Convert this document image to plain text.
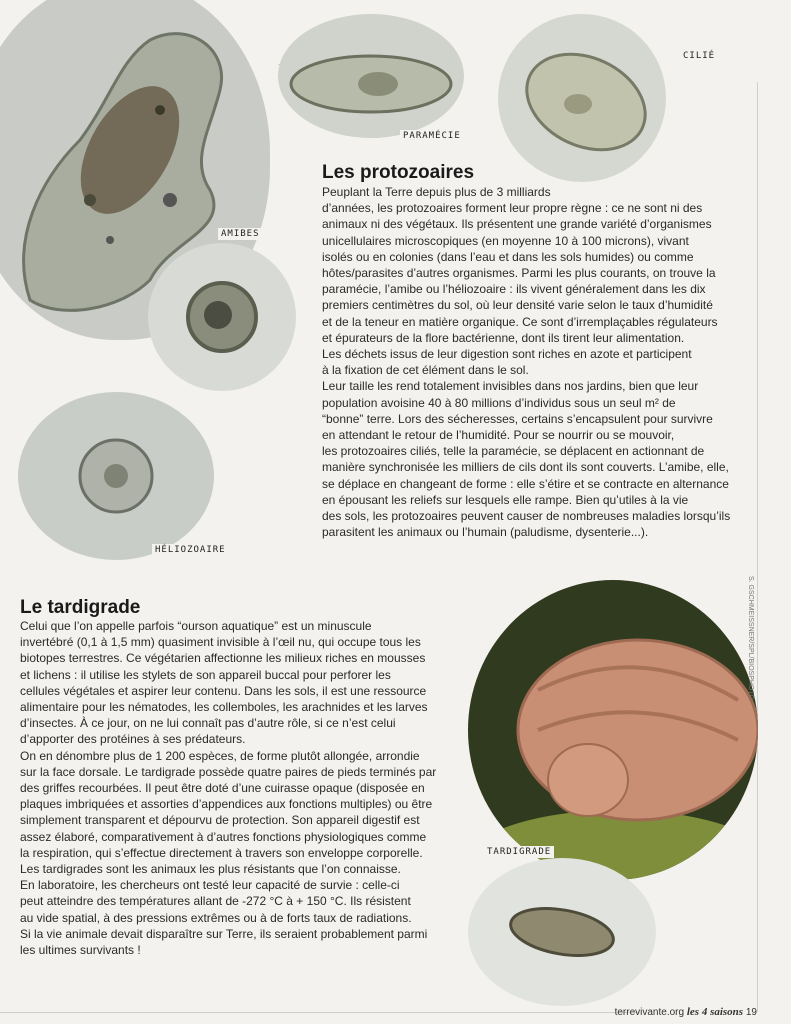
PARAMÉCIE
CILIÉ
AMIBES
HÉLIOZOAIRE
TARDIGRADE
Les protozoaires
Peuplant la Terre depuis plus de 3 milliards
d’années, les protozoaires forment leur propre règne : ce ne sont ni des
animaux ni des végétaux. Ils présentent une grande variété d’organismes
unicellulaires microscopiques (en moyenne 10 à 100 microns), vivant
isolés ou en colonies (dans l’eau et dans les sols humides) ou comme
hôtes/parasites d’autres organismes. Parmi les plus courants, on trouve la
paramécie, l’amibe ou l’héliozoaire : ils vivent généralement dans les dix
premiers centimètres du sol, où leur densité varie selon le taux d’humidité
et de la teneur en matière organique. Ce sont d’irremplaçables régulateurs
et épurateurs de la flore bactérienne, dont ils tirent leur alimentation.
Les déchets issus de leur digestion sont riches en azote et participent
à la fixation de cet élément dans le sol.
Leur taille les rend totalement invisibles dans nos jardins, bien que leur
population avoisine 40 à 80 millions d’individus sous un seul m² de
“bonne” terre. Lors des sécheresses, certains s’encapsulent pour survivre
en attendant le retour de l’humidité. Pour se nourrir ou se mouvoir,
les protozoaires ciliés, telle la paramécie, se déplacent en actionnant de
manière synchronisée les milliers de cils dont ils sont couverts. L’amibe, elle,
se déplace en changeant de forme : elle s’étire et se contracte en alternance
en épousant les reliefs sur lesquels elle rampe. Bien qu’utiles à la vie
des sols, les protozoaires peuvent causer de nombreuses maladies lorsqu’ils
parasitent les animaux ou l’humain (paludisme, dysenterie...).
Le tardigrade
Celui que l’on appelle parfois “ourson aquatique” est un minuscule
invertébré (0,1 à 1,5 mm) quasiment invisible à l’œil nu, qui occupe tous les
biotopes terrestres. Ce végétarien affectionne les milieux riches en mousses
et lichens : il utilise les stylets de son appareil buccal pour perforer les
cellules végétales et aspirer leur contenu. Dans les sols, il est une ressource
alimentaire pour les nématodes, les collemboles, les arachnides et les larves
d’insectes. À ce jour, on ne lui connaît pas d’autre rôle, si ce n’est celui
d’apporter des protéines à ses prédateurs.
On en dénombre plus de 1 200 espèces, de forme plutôt allongée, arrondie
sur la face dorsale. Le tardigrade possède quatre paires de pieds terminés par
des griffes recourbées. Il peut être doté d’une cuirasse opaque (disposée en
plaques imbriquées et assorties d’appendices aux fonctions multiples) ou être
simplement transparent et dépourvu de protection. Son appareil digestif est
assez élaboré, comparativement à d’autres fonctions physiologiques comme
la respiration, qui s’effectue directement à travers son enveloppe corporelle.
Les tardigrades sont les animaux les plus résistants que l’on connaisse.
En laboratoire, les chercheurs ont testé leur capacité de survie : celle-ci
peut atteindre des températures allant de -272 °C à + 150 °C. Ils résistent
au vide spatial, à des pressions extrêmes ou à de forts taux de radiations.
Si la vie animale devait disparaître sur Terre, ils seraient probablement parmi
les ultimes survivants !
S. GSCHMEISSNER/SPL/BIOSPHOTO
terrevivante.org les 4 saisons 19
